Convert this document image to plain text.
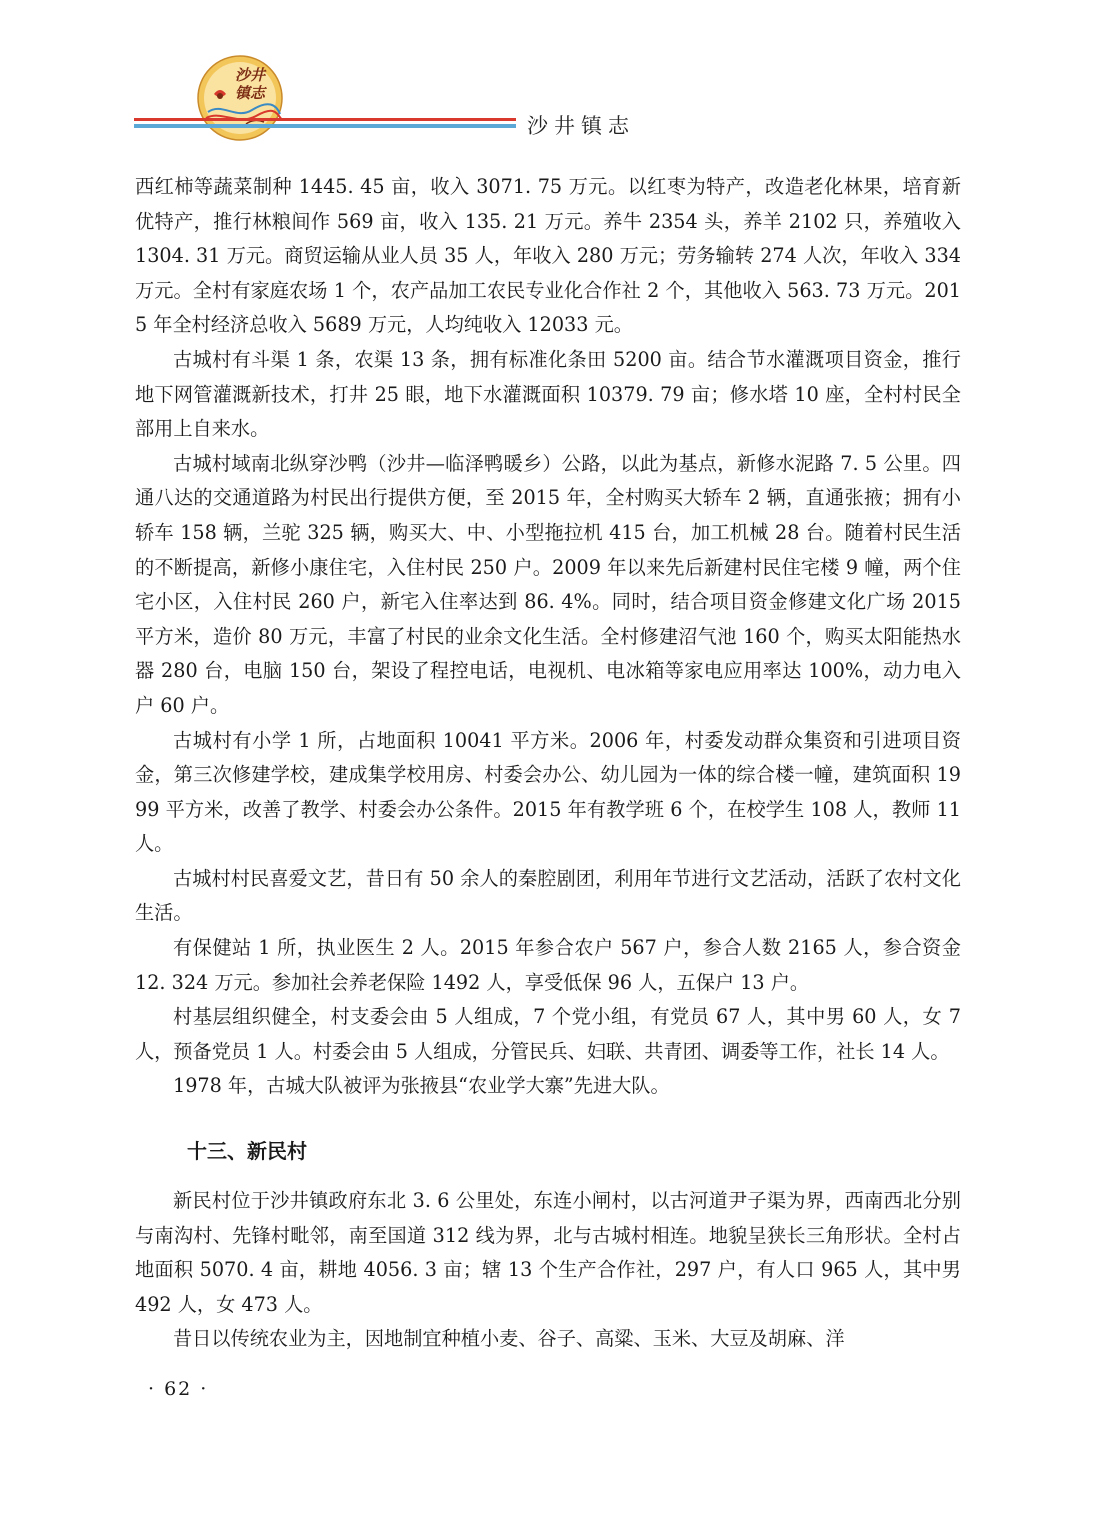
沙井
镇志
沙井镇志

西红柿等蔬菜制种 1445. 45 亩，收入 3071. 75 万元。以红枣为特产，改造老化林果，培育新优特产，推行林粮间作 569 亩，收入 135. 21 万元。养牛 2354 头，养羊 2102 只，养殖收入 1304. 31 万元。商贸运输从业人员 35 人，年收入 280 万元；劳务输转 274 人次，年收入 334 万元。全村有家庭农场 1 个，农产品加工农民专业化合作社 2 个，其他收入 563. 73 万元。2015 年全村经济总收入 5689 万元，人均纯收入 12033 元。

古城村有斗渠 1 条，农渠 13 条，拥有标准化条田 5200 亩。结合节水灌溉项目资金，推行地下网管灌溉新技术，打井 25 眼，地下水灌溉面积 10379. 79 亩；修水塔 10 座，全村村民全部用上自来水。

古城村域南北纵穿沙鸭（沙井—临泽鸭暖乡）公路，以此为基点，新修水泥路 7. 5 公里。四通八达的交通道路为村民出行提供方便，至 2015 年，全村购买大轿车 2 辆，直通张掖；拥有小轿车 158 辆，兰驼 325 辆，购买大、中、小型拖拉机 415 台，加工机械 28 台。随着村民生活的不断提高，新修小康住宅，入住村民 250 户。2009 年以来先后新建村民住宅楼 9 幢，两个住宅小区，入住村民 260 户，新宅入住率达到 86. 4%。同时，结合项目资金修建文化广场 2015 平方米，造价 80 万元，丰富了村民的业余文化生活。全村修建沼气池 160 个，购买太阳能热水器 280 台，电脑 150 台，架设了程控电话，电视机、电冰箱等家电应用率达 100%，动力电入户 60 户。

古城村有小学 1 所，占地面积 10041 平方米。2006 年，村委发动群众集资和引进项目资金，第三次修建学校，建成集学校用房、村委会办公、幼儿园为一体的综合楼一幢，建筑面积 1999 平方米，改善了教学、村委会办公条件。2015 年有教学班 6 个，在校学生 108 人，教师 11 人。

古城村村民喜爱文艺，昔日有 50 余人的秦腔剧团，利用年节进行文艺活动，活跃了农村文化生活。

有保健站 1 所，执业医生 2 人。2015 年参合农户 567 户，参合人数 2165 人，参合资金 12. 324 万元。参加社会养老保险 1492 人，享受低保 96 人，五保户 13 户。

村基层组织健全，村支委会由 5 人组成，7 个党小组，有党员 67 人，其中男 60 人，女 7 人，预备党员 1 人。村委会由 5 人组成，分管民兵、妇联、共青团、调委等工作，社长 14 人。

1978 年，古城大队被评为张掖县“农业学大寨”先进大队。

十三、新民村

新民村位于沙井镇政府东北 3. 6 公里处，东连小闸村，以古河道尹子渠为界，西南西北分别与南沟村、先锋村毗邻，南至国道 312 线为界，北与古城村相连。地貌呈狭长三角形状。全村占地面积 5070. 4 亩，耕地 4056. 3 亩；辖 13 个生产合作社，297 户，有人口 965 人，其中男 492 人，女 473 人。

昔日以传统农业为主，因地制宜种植小麦、谷子、高粱、玉米、大豆及胡麻、洋

· 62 ·
